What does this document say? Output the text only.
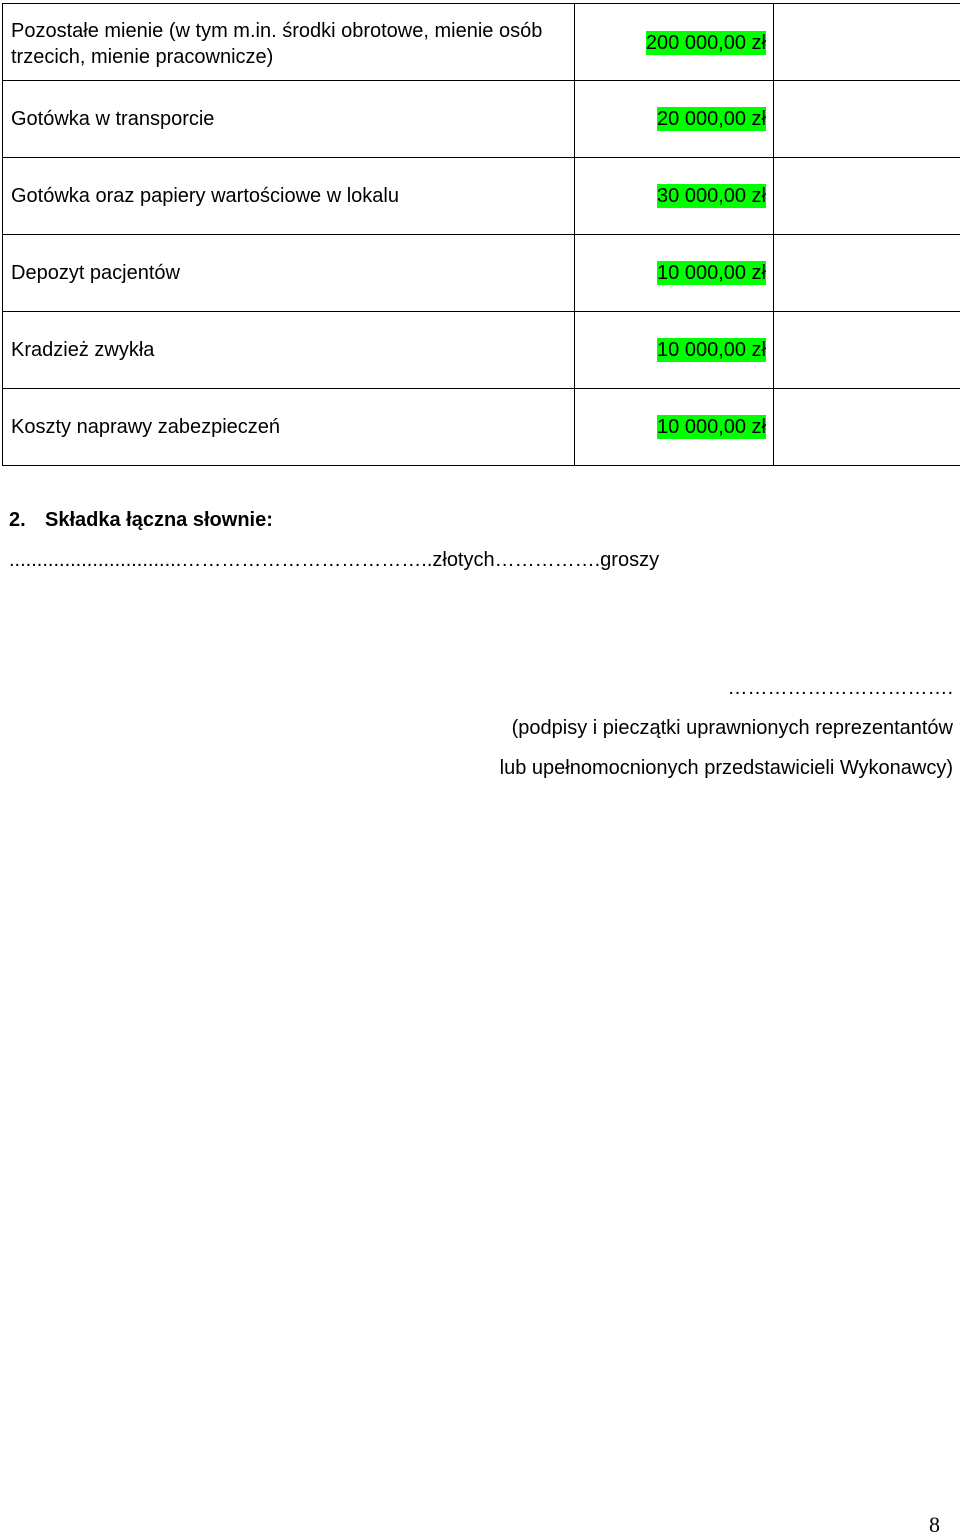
Pozostałe mienie (w tym m.in. środki obrotowe, mienie osób trzecich, mienie pracownicze)	200 000,00 zł	
Gotówka w transporcie	20 000,00 zł	
Gotówka oraz papiery wartościowe w lokalu	30 000,00 zł	
Depozyt pacjentów	10 000,00 zł	
Kradzież zwykła	10 000,00 zł	
Koszty naprawy zabezpieczeń	10 000,00 zł	
2. Składka łączna słownie:
...............................………………………………..złotych…………….groszy
…………………………….
(podpisy i pieczątki uprawnionych reprezentantów
lub upełnomocnionych przedstawicieli Wykonawcy)
8
